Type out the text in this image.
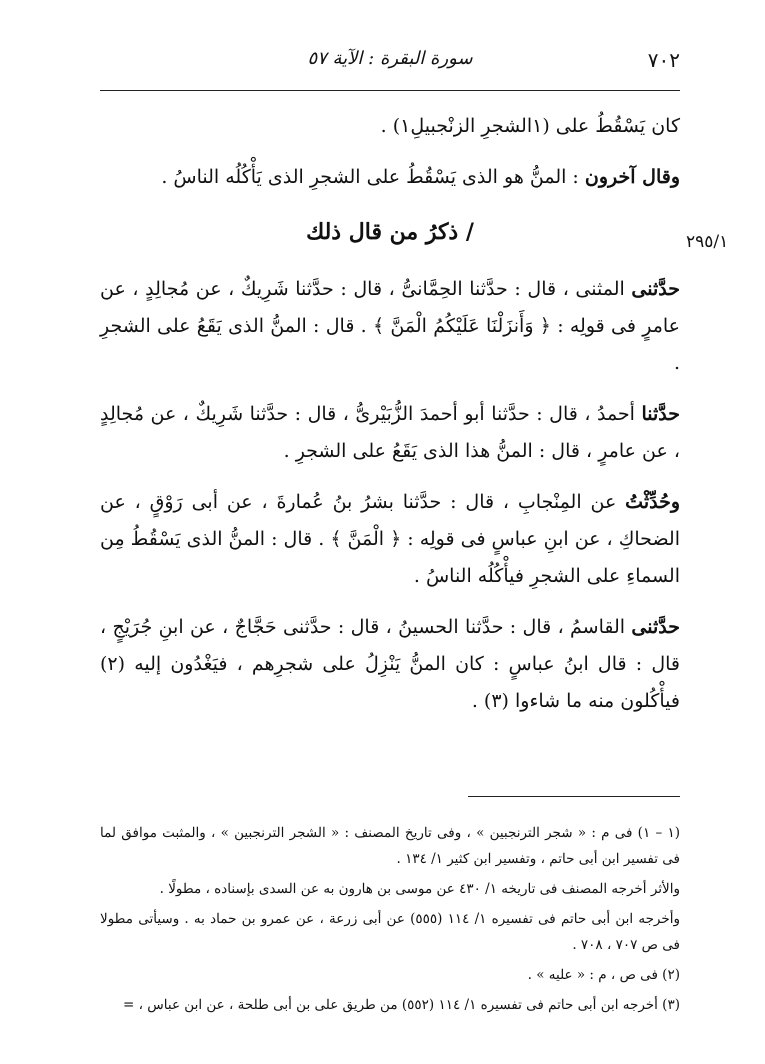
٧٠٢
سورة البقرة : الآية ٥٧
٢٩٥/١

كان يَسْقُطُ على (١الشجرِ الزنْجبيلِ١) .

وقال آخرون : المنُّ هو الذى يَسْقُطُ على الشجرِ الذى يَأْكُلُه الناسُ .

/ ذكرُ من قال ذلك

حدَّثنى المثنى ، قال : حدَّثنا الحِمَّانىُّ ، قال : حدَّثنا شَرِيكٌ ، عن مُجالِدٍ ، عن عامرٍ فى قولِه : ﴿ وَأَنزَلْنَا عَلَيْكُمُ الْمَنَّ ﴾ . قال : المنُّ الذى يَقَعُ على الشجرِ .

حدَّثنا أحمدُ ، قال : حدَّثنا أبو أحمدَ الزُّبَيْرىُّ ، قال : حدَّثنا شَرِيكٌ ، عن مُجالِدٍ ، عن عامرٍ ، قال : المنُّ هذا الذى يَقَعُ على الشجرِ .

وحُدِّثْتُ عن المِنْجابِ ، قال : حدَّثنا بشرُ بنُ عُمارةَ ، عن أبى رَوْقٍ ، عن الضحاكِ ، عن ابنِ عباسٍ فى قولِه : ﴿ الْمَنَّ ﴾ . قال : المنُّ الذى يَسْقُطُ مِن السماءِ على الشجرِ فيأْكُلُه الناسُ .

حدَّثنى القاسمُ ، قال : حدَّثنا الحسينُ ، قال : حدَّثنى حَجَّاجٌ ، عن ابنِ جُرَيْجٍ ، قال : قال ابنُ عباسٍ : كان المنُّ يَنْزِلُ على شجرِهم ، فيَغْدُون إليه (٢) فيأْكُلون منه ما شاءوا (٣) .

(١ – ١) فى م : « شجر الترنجبين » ، وفى تاريخ المصنف : « الشجر الترنجبين » ، والمثبت موافق لما فى تفسير ابن أبى حاتم ، وتفسير ابن كثير ١/ ١٣٤ .

والأثر أخرجه المصنف فى تاريخه ١/ ٤٣٠ عن موسى بن هارون به عن السدى بإسناده ، مطولًا .

وأخرجه ابن أبى حاتم فى تفسيره ١/ ١١٤ (٥٥٥) عن أبى زرعة ، عن عمرو بن حماد به . وسيأتى مطولا فى ص ٧٠٧ ، ٧٠٨ .

(٢) فى ص ، م : « عليه » .

(٣) أخرجه ابن أبى حاتم فى تفسيره ١/ ١١٤ (٥٥٢) من طريق على بن أبى طلحة ، عن ابن عباس ، =
